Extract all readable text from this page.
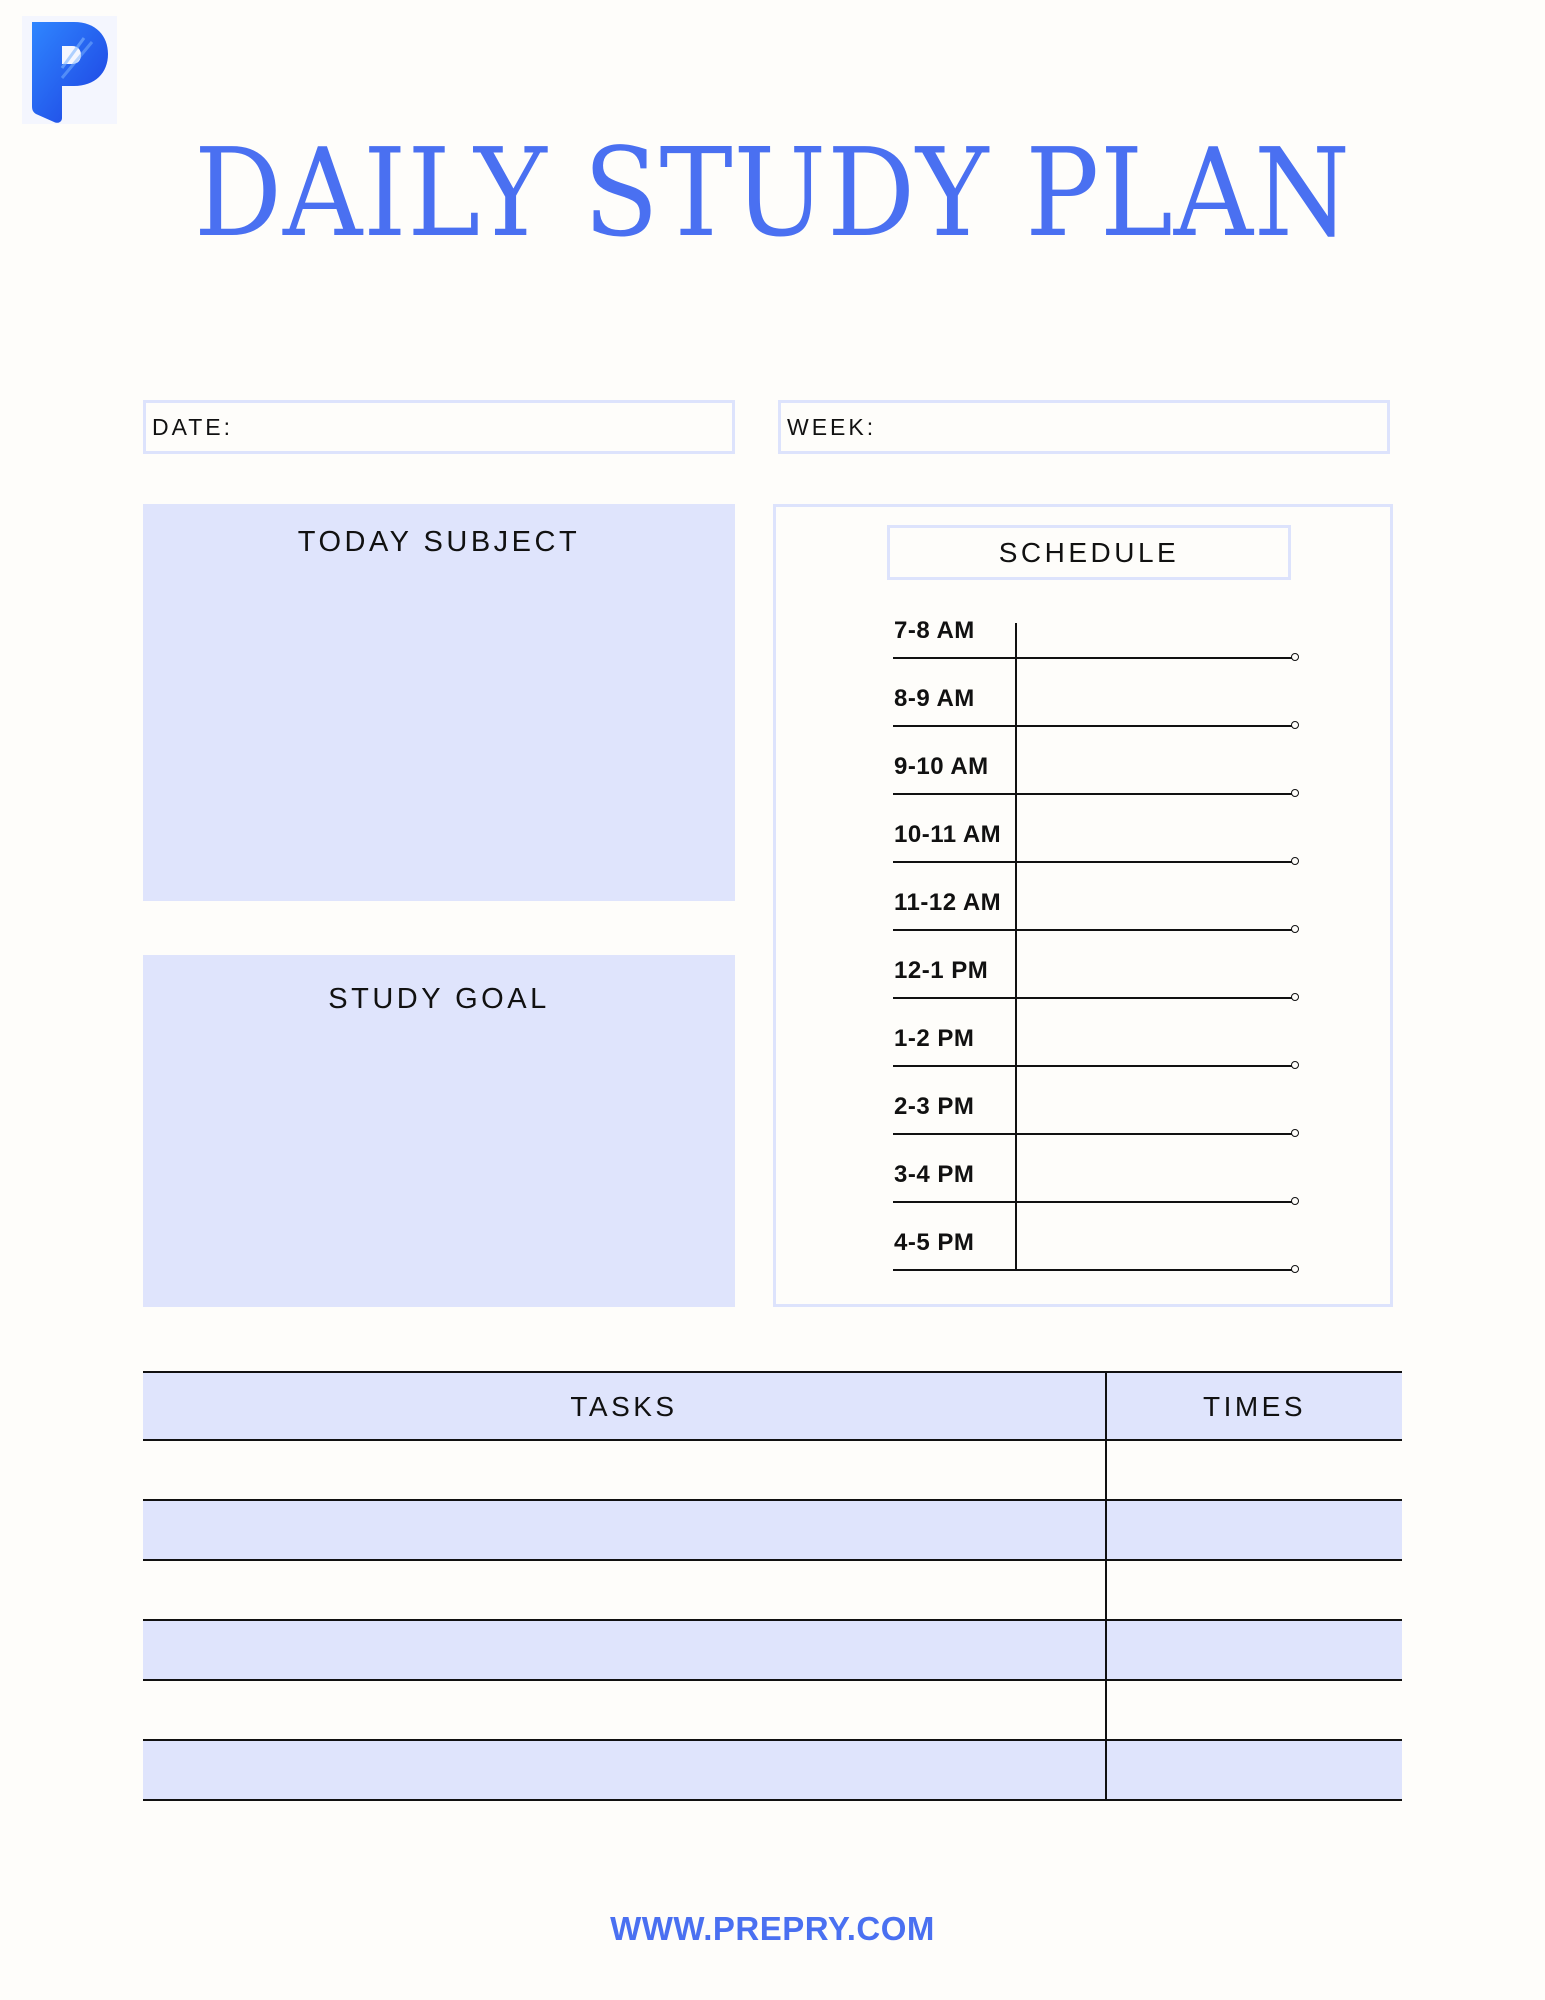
DAILY STUDY PLAN
DATE:	WEEK:
TODAY SUBJECT
STUDY GOAL
SCHEDULE
7-8 AM
8-9 AM
9-10 AM
10-11 AM
11-12 AM
12-1 PM
1-2 PM
2-3 PM
3-4 PM
4-5 PM
TASKS	TIMES
WWW.PREPRY.COM
